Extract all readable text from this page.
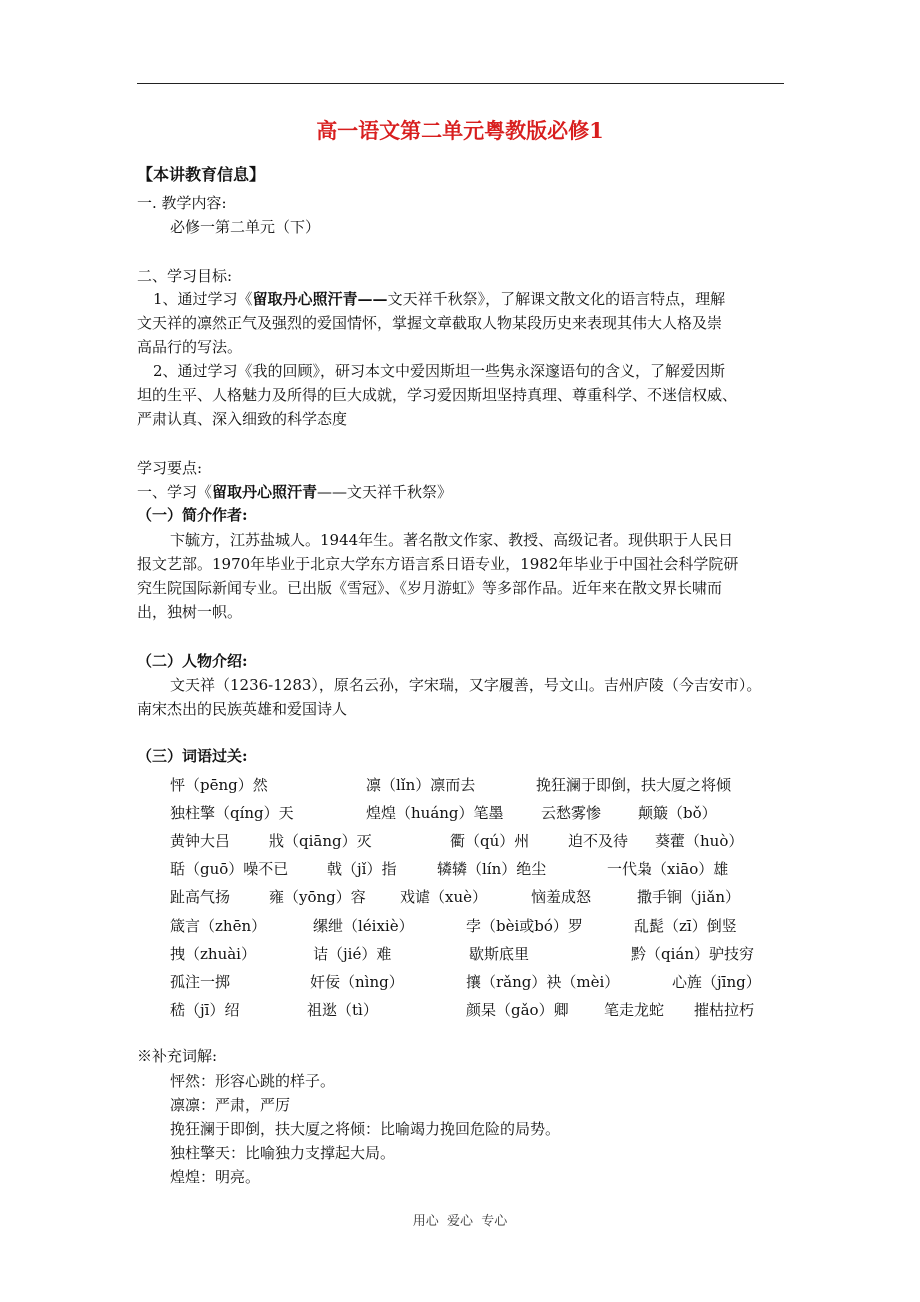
高一语文第二单元粤教版必修1
【本讲教育信息】
一. 教学内容:
必修一第二单元（下）
二、学习目标:
1、通过学习《留取丹心照汗青——文天祥千秋祭》，了解课文散文化的语言特点，理解
文天祥的凛然正气及强烈的爱国情怀，掌握文章截取人物某段历史来表现其伟大人格及崇
高品行的写法。
2、通过学习《我的回顾》，研习本文中爱因斯坦一些隽永深邃语句的含义，了解爱因斯
坦的生平、人格魅力及所得的巨大成就，学习爱因斯坦坚持真理、尊重科学、不迷信权威、
严肃认真、深入细致的科学态度
学习要点:
一、学习《留取丹心照汗青——文天祥千秋祭》
（一）简介作者:
卞毓方，江苏盐城人。1944年生。著名散文作家、教授、高级记者。现供职于人民日
报文艺部。1970年毕业于北京大学东方语言系日语专业，1982年毕业于中国社会科学院研
究生院国际新闻专业。已出版《雪冠》、《岁月游虹》等多部作品。近年来在散文界长啸而
出，独树一帜。
（二）人物介绍:
文天祥（1236-1283），原名云孙，字宋瑞，又字履善，号文山。吉州庐陵（今吉安市）。
南宋杰出的民族英雄和爱国诗人
（三）词语过关:
怦（pēng）然	凛（lǐn）凛而去	挽狂澜于即倒，扶大厦之将倾
独柱擎（qíng）天	煌煌（huáng）笔墨 云愁雾惨 颠簸（bǒ）
黄钟大吕	戕（qiāng）灭	衢（qú）州	迫不及待 葵藿（huò）
聒（guō）噪不已	戟（jǐ）指	辚辚（lín）绝尘	一代枭（xiāo）雄
趾高气扬	雍（yōng）容 戏谑（xuè）	恼羞成怒	撒手锏（jiǎn）
箴言（zhēn）	缧绁（léixiè）	孛（bèi或bó）罗	乱髭（zī）倒竖
拽（zhuài）	诘（jié）难	歇斯底里	黔（qián）驴技穷
孤注一掷	奸佞（nìng）	攘（rǎng）袂（mèi）	心旌（jīng）
嵇（jī）绍	祖逖（tì）	颜杲（gǎo）卿 笔走龙蛇 摧枯拉朽
※补充词解:
怦然：形容心跳的样子。
凛凛：严肃，严厉
挽狂澜于即倒，扶大厦之将倾：比喻竭力挽回危险的局势。
独柱擎天：比喻独力支撑起大局。
煌煌：明亮。
用心  爱心  专心
